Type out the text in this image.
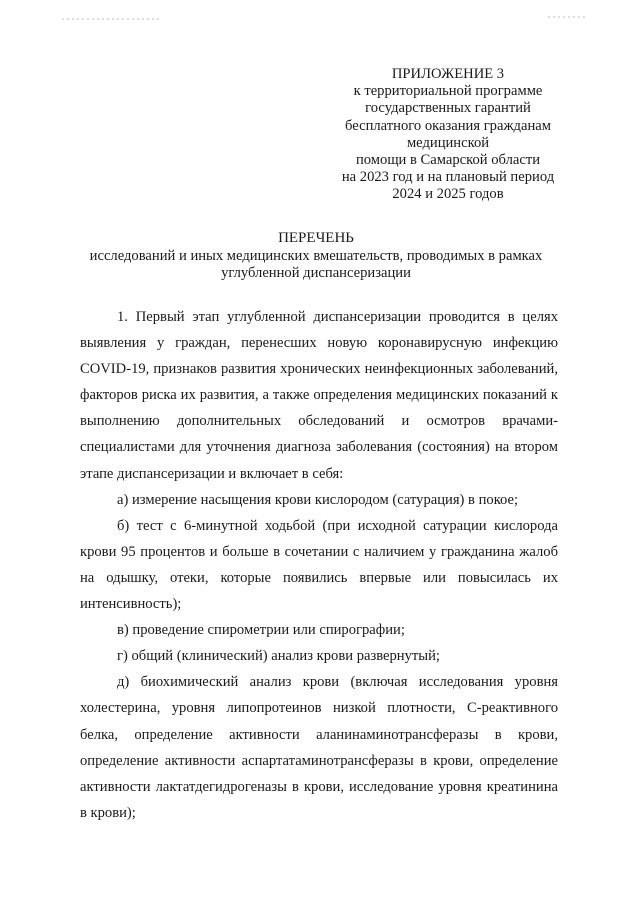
ПРИЛОЖЕНИЕ 3
к территориальной программе
государственных гарантий
бесплатного оказания гражданам
медицинской
помощи в Самарской области
на 2023 год и на плановый период
2024 и 2025 годов
ПЕРЕЧЕНЬ
исследований и иных медицинских вмешательств, проводимых в рамках
углубленной диспансеризации

1. Первый этап углубленной диспансеризации проводится в целях выявления у граждан, перенесших новую коронавирусную инфекцию COVID-19, признаков развития хронических неинфекционных заболеваний, факторов риска их развития, а также определения медицинских показаний к выполнению дополнительных обследований и осмотров врачами-специалистами для уточнения диагноза заболевания (состояния) на втором этапе диспансеризации и включает в себя:

а) измерение насыщения крови кислородом (сатурация) в покое;

б) тест с 6-минутной ходьбой (при исходной сатурации кислорода крови 95 процентов и больше в сочетании с наличием у гражданина жалоб на одышку, отеки, которые появились впервые или повысилась их интенсивность);

в) проведение спирометрии или спирографии;

г) общий (клинический) анализ крови развернутый;

д) биохимический анализ крови (включая исследования уровня холестерина, уровня липопротеинов низкой плотности, С-реактивного белка, определение активности аланинаминотрансферазы в крови, определение активности аспартатаминотрансферазы в крови, определение активности лактатдегидрогеназы в крови, исследование уровня креатинина в крови);
